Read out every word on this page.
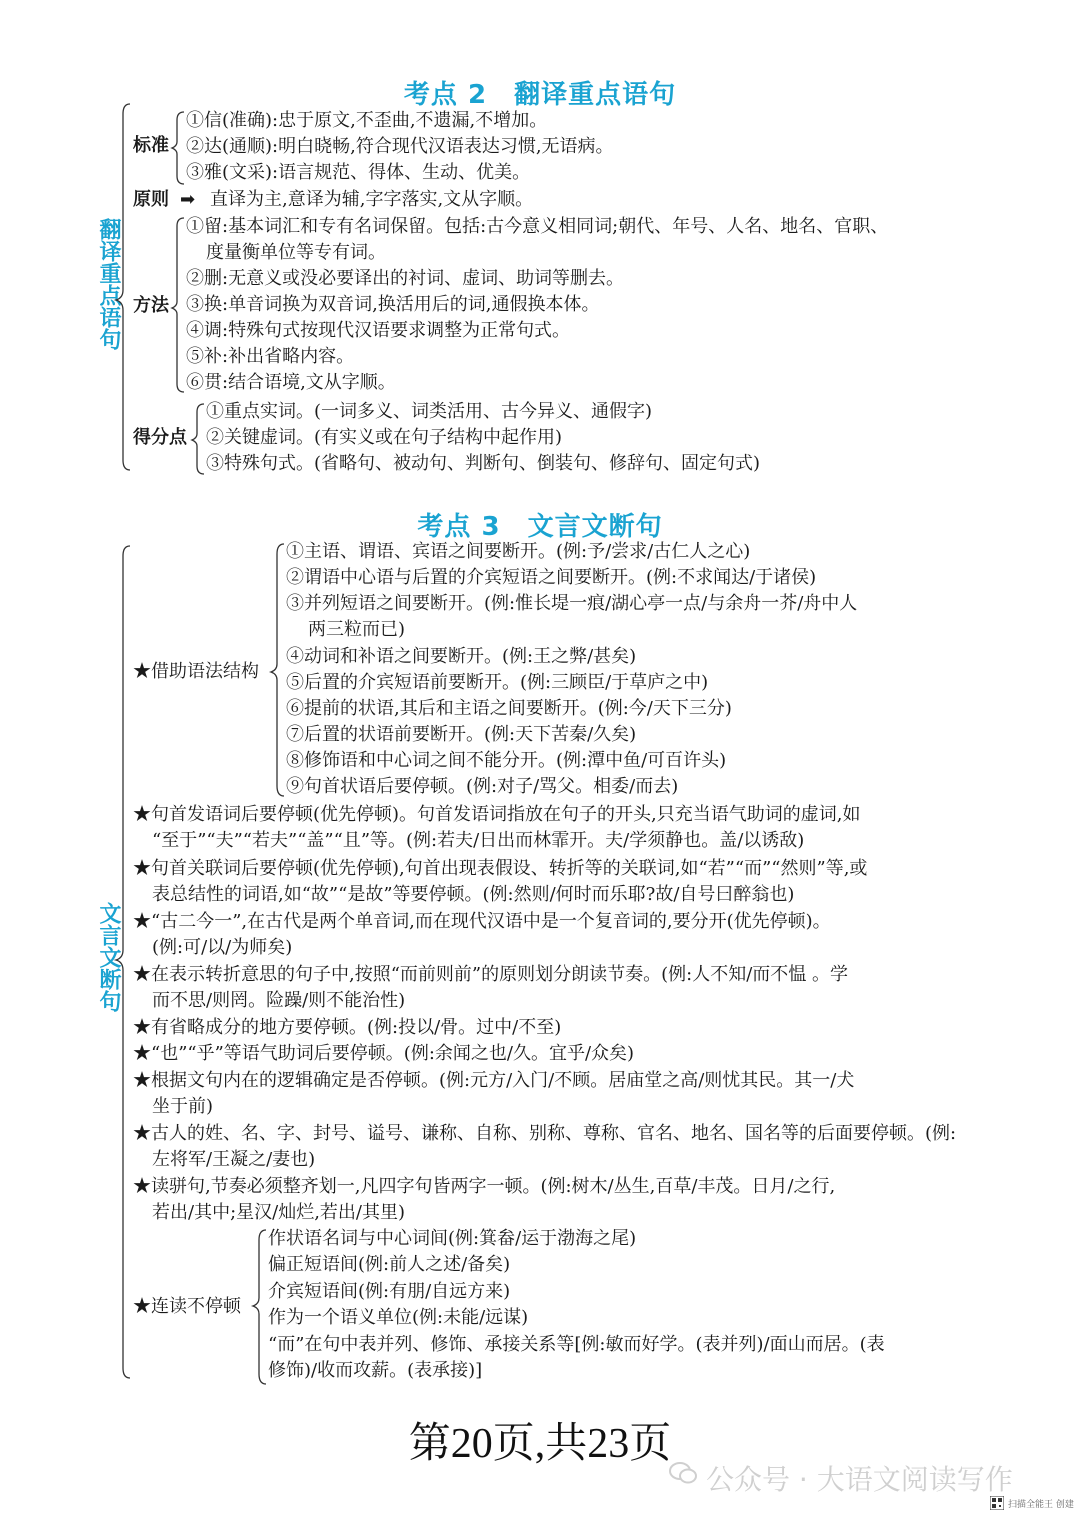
考点 2　翻译重点语句
翻译重点语句
标准
①信(准确):忠于原文,不歪曲,不遗漏,不增加。
②达(通顺):明白晓畅,符合现代汉语表达习惯,无语病。
③雅(文采):语言规范、得体、生动、优美。
原则 ➡ 直译为主,意译为辅,字字落实,文从字顺。
方法
①留:基本词汇和专有名词保留。包括:古今意义相同词;朝代、年号、人名、地名、官职、
度量衡单位等专有词。
②删:无意义或没必要译出的衬词、虚词、助词等删去。
③换:单音词换为双音词,换活用后的词,通假换本体。
④调:特殊句式按现代汉语要求调整为正常句式。
⑤补:补出省略内容。
⑥贯:结合语境,文从字顺。
得分点
①重点实词。(一词多义、词类活用、古今异义、通假字)
②关键虚词。(有实义或在句子结构中起作用)
③特殊句式。(省略句、被动句、判断句、倒装句、修辞句、固定句式)
考点 3　文言文断句
文言文断句
★借助语法结构
①主语、谓语、宾语之间要断开。(例:予/尝求/古仁人之心)
②谓语中心语与后置的介宾短语之间要断开。(例:不求闻达/于诸侯)
③并列短语之间要断开。(例:惟长堤一痕/湖心亭一点/与余舟一芥/舟中人
两三粒而已)
④动词和补语之间要断开。(例:王之弊/甚矣)
⑤后置的介宾短语前要断开。(例:三顾臣/于草庐之中)
⑥提前的状语,其后和主语之间要断开。(例:今/天下三分)
⑦后置的状语前要断开。(例:天下苦秦/久矣)
⑧修饰语和中心词之间不能分开。(例:潭中鱼/可百许头)
⑨句首状语后要停顿。(例:对子/骂父。相委/而去)
★句首发语词后要停顿(优先停顿)。句首发语词指放在句子的开头,只充当语气助词的虚词,如
“至于”“夫”“若夫”“盖”“且”等。(例:若夫/日出而林霏开。夫/学须静也。盖/以诱敌)
★句首关联词后要停顿(优先停顿),句首出现表假设、转折等的关联词,如“若”“而”“然则”等,或
表总结性的词语,如“故”“是故”等要停顿。(例:然则/何时而乐耶?故/自号曰醉翁也)
★“古二今一”,在古代是两个单音词,而在现代汉语中是一个复音词的,要分开(优先停顿)。
(例:可/以/为师矣)
★在表示转折意思的句子中,按照“而前则前”的原则划分朗读节奏。(例:人不知/而不愠 。学
而不思/则罔。险躁/则不能治性)
★有省略成分的地方要停顿。(例:投以/骨。过中/不至)
★“也”“乎”等语气助词后要停顿。(例:余闻之也/久。宜乎/众矣)
★根据文句内在的逻辑确定是否停顿。(例:元方/入门/不顾。居庙堂之高/则忧其民。其一/犬
坐于前)
★古人的姓、名、字、封号、谥号、谦称、自称、别称、尊称、官名、地名、国名等的后面要停顿。(例:
左将军/王凝之/妻也)
★读骈句,节奏必须整齐划一,凡四字句皆两字一顿。(例:树木/丛生,百草/丰茂。日月/之行,
若出/其中;星汉/灿烂,若出/其里)
★连读不停顿
作状语名词与中心词间(例:箕畚/运于渤海之尾)
偏正短语间(例:前人之述/备矣)
介宾短语间(例:有朋/自远方来)
作为一个语义单位(例:未能/远谋)
“而”在句中表并列、修饰、承接关系等[例:敏而好学。(表并列)/面山而居。(表
修饰)/收而攻薪。(表承接)]
第20页,共23页
公众号 · 大语文阅读写作
扫描全能王 创建
